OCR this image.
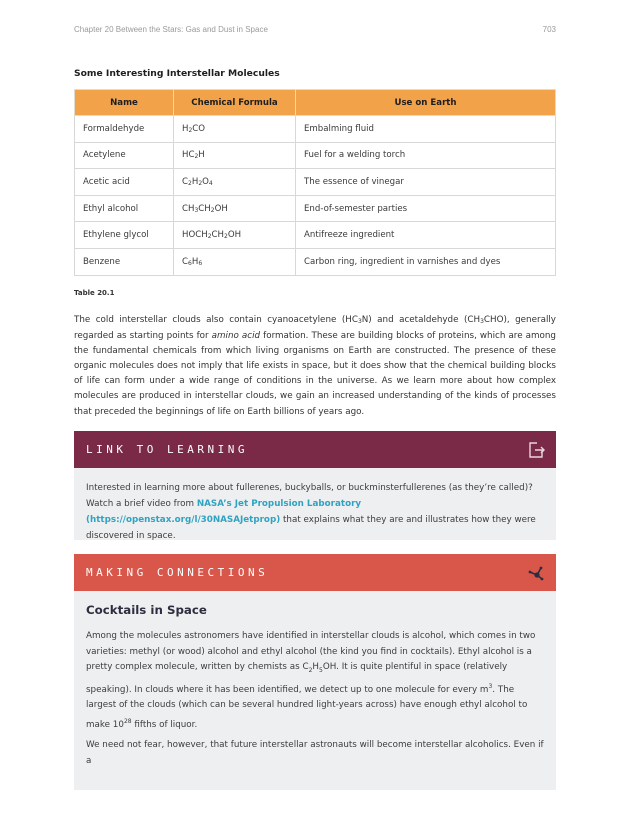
Chapter 20 Between the Stars: Gas and Dust in Space	703
Some Interesting Interstellar Molecules
Name	Chemical Formula	Use on Earth
Formaldehyde	$H_2CO$	Embalming fluid
Acetylene	$HC_2H$	Fuel for a welding torch
Acetic acid	$C_2H_2O_4$	The essence of vinegar
Ethyl alcohol	$CH_3CH_2OH$	End-of-semester parties
Ethylene glycol	$HOCH_2CH_2OH$	Antifreeze ingredient
Benzene	$C_6H_6$	Carbon ring, ingredient in varnishes and dyes
Table 20.1
The cold interstellar clouds also contain cyanoacetylene $(HC_3N)$ and acetaldehyde $(CH_3CHO)$, generally regarded as starting points for amino acid formation. These are building blocks of proteins, which are among the fundamental chemicals from which living organisms on Earth are constructed. The presence of these organic molecules does not imply that life exists in space, but it does show that the chemical building blocks of life can form under a wide range of conditions in the universe. As we learn more about how complex molecules are produced in interstellar clouds, we gain an increased understanding of the kinds of processes that preceded the beginnings of life on Earth billions of years ago.
LINK TO LEARNING
Interested in learning more about fullerenes, buckyballs, or buckminsterfullerenes (as they’re called)? Watch a brief video from NASA’s Jet Propulsion Laboratory (https://openstax.org/l/30NASAJetprop) that explains what they are and illustrates how they were discovered in space.
MAKING CONNECTIONS
Cocktails in Space

Among the molecules astronomers have identified in interstellar clouds is alcohol, which comes in two varieties: methyl (or wood) alcohol and ethyl alcohol (the kind you find in cocktails). Ethyl alcohol is a pretty complex molecule, written by chemists as $C_2H_5OH$. It is quite plentiful in space (relatively speaking). In clouds where it has been identified, we detect up to one molecule for every $m^3$. The largest of the clouds (which can be several hundred light-years across) have enough ethyl alcohol to make $10^{28}$ fifths of liquor.

We need not fear, however, that future interstellar astronauts will become interstellar alcoholics. Even if a
